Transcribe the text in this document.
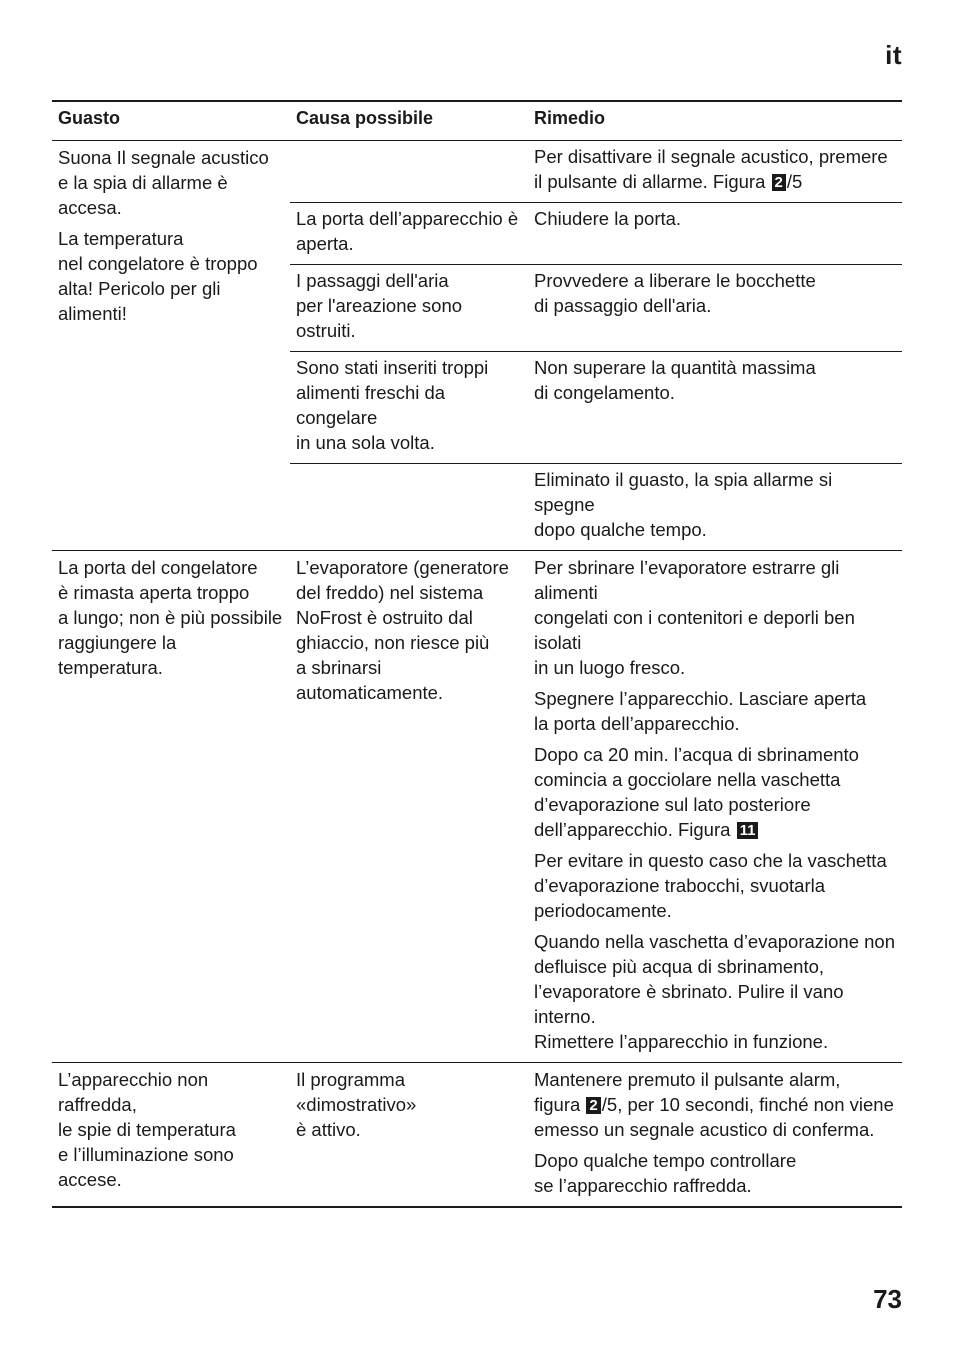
it
Guasto	Causa possibile	Rimedio

Suona Il segnale acustico
e la spia di allarme è accesa.

La temperatura
nel congelatore è troppo
alta! Pericolo per gli alimenti!

Per disattivare il segnale acustico, premere
il pulsante di allarme. Figura 2 /5

La porta dell’apparecchio è
aperta.

Chiudere la porta.

I passaggi dell'aria
per l'areazione sono ostruiti.

Provvedere a liberare le bocchette
di passaggio dell'aria.

Sono stati inseriti troppi
alimenti freschi da congelare
in una sola volta.

Non superare la quantità massima
di congelamento.

Eliminato il guasto, la spia allarme si spegne
dopo qualche tempo.

La porta del congelatore
è rimasta aperta troppo
a lungo; non è più possibile
raggiungere la temperatura.

L’evaporatore (generatore
del freddo) nel sistema
NoFrost è ostruito dal
ghiaccio, non riesce più
a sbrinarsi automaticamente.

Per sbrinare l’evaporatore estrarre gli alimenti
congelati con i contenitori e deporli ben isolati
in un luogo fresco.

Spegnere l’apparecchio. Lasciare aperta
la porta dell’apparecchio.

Dopo ca 20 min. l’acqua di sbrinamento
comincia a gocciolare nella vaschetta
d’evaporazione sul lato posteriore
dell’apparecchio. Figura 11

Per evitare in questo caso che la vaschetta
d’evaporazione trabocchi, svuotarla
periodocamente.

Quando nella vaschetta d’evaporazione non
defluisce più acqua di sbrinamento,
l’evaporatore è sbrinato. Pulire il vano interno.
Rimettere l’apparecchio in funzione.

L’apparecchio non raffredda,
le spie di temperatura
e l’illuminazione sono
accese.

Il programma «dimostrativo»
è attivo.

Mantenere premuto il pulsante alarm,
figura 2 /5, per 10 secondi, finché non viene
emesso un segnale acustico di conferma.

Dopo qualche tempo controllare
se l’apparecchio raffredda.

73
